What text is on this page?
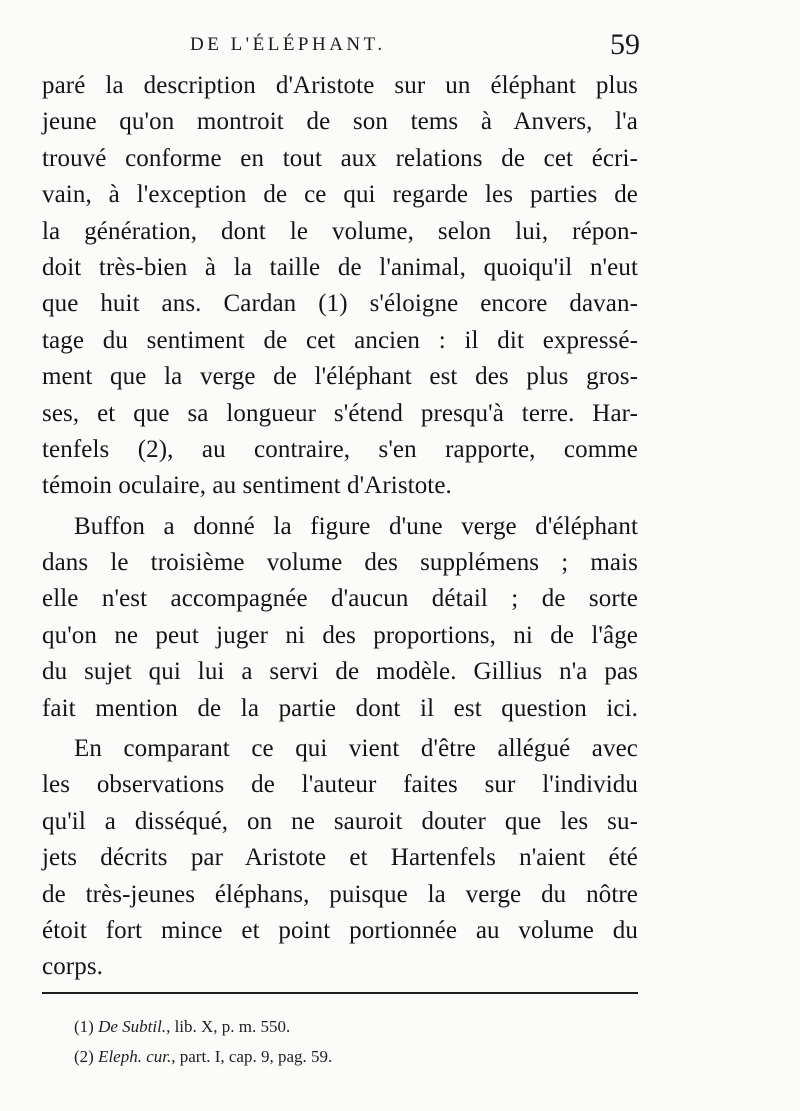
DE L'ÉLÉPHANT.	59
paré la description d'Aristote sur un éléphant plus
jeune qu'on montroit de son tems à Anvers, l'a
trouvé conforme en tout aux relations de cet écri-
vain, à l'exception de ce qui regarde les parties de
la génération, dont le volume, selon lui, répon-
doit très-bien à la taille de l'animal, quoiqu'il n'eut
que huit ans. Cardan (1) s'éloigne encore davan-
tage du sentiment de cet ancien : il dit expressé-
ment que la verge de l'éléphant est des plus gros-
ses, et que sa longueur s'étend presqu'à terre. Har-
tenfels (2), au contraire, s'en rapporte, comme
témoin oculaire, au sentiment d'Aristote.
Buffon a donné la figure d'une verge d'éléphant
dans le troisième volume des supplémens ; mais
elle n'est accompagnée d'aucun détail ; de sorte
qu'on ne peut juger ni des proportions, ni de l'âge
du sujet qui lui a servi de modèle. Gillius n'a pas
fait mention de la partie dont il est question ici.
En comparant ce qui vient d'être allégué avec
les observations de l'auteur faites sur l'individu
qu'il a disséqué, on ne sauroit douter que les su-
jets décrits par Aristote et Hartenfels n'aient été
de très-jeunes éléphans, puisque la verge du nôtre
étoit fort mince et point portionnée au volume du
corps.
(1) De Subtil., lib. X, p. m. 550.
(2) Eleph. cur., part. I, cap. 9, pag. 59.
